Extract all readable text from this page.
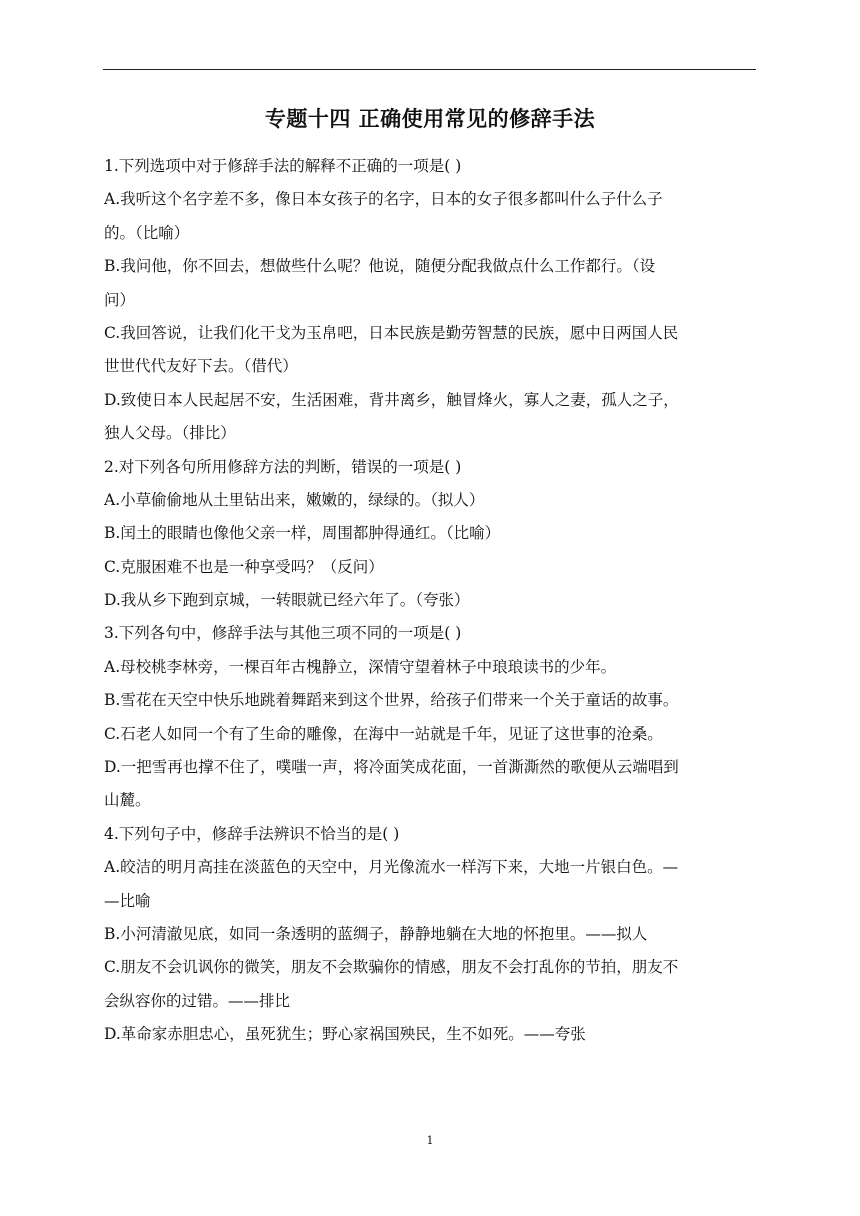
专题十四 正确使用常见的修辞手法
1.下列选项中对于修辞手法的解释不正确的一项是( )
A.我听这个名字差不多，像日本女孩子的名字，日本的女子很多都叫什么子什么子
的。（比喻）
B.我问他，你不回去，想做些什么呢？他说，随便分配我做点什么工作都行。（设
问）
C.我回答说，让我们化干戈为玉帛吧，日本民族是勤劳智慧的民族，愿中日两国人民
世世代代友好下去。（借代）
D.致使日本人民起居不安，生活困难，背井离乡，触冒烽火，寡人之妻，孤人之子，
独人父母。（排比）
2.对下列各句所用修辞方法的判断，错误的一项是( )
A.小草偷偷地从土里钻出来，嫩嫩的，绿绿的。（拟人）
B.闰土的眼睛也像他父亲一样，周围都肿得通红。（比喻）
C.克服困难不也是一种享受吗？（反问）
D.我从乡下跑到京城，一转眼就已经六年了。（夸张）
3.下列各句中，修辞手法与其他三项不同的一项是( )
A.母校桃李林旁，一棵百年古槐静立，深情守望着林子中琅琅读书的少年。
B.雪花在天空中快乐地跳着舞蹈来到这个世界，给孩子们带来一个关于童话的故事。
C.石老人如同一个有了生命的雕像，在海中一站就是千年，见证了这世事的沧桑。
D.一把雪再也撑不住了，噗嗤一声，将冷面笑成花面，一首澌澌然的歌便从云端唱到
山麓。
4.下列句子中，修辞手法辨识不恰当的是( )
A.皎洁的明月高挂在淡蓝色的天空中，月光像流水一样泻下来，大地一片银白色。—
—比喻
B.小河清澈见底，如同一条透明的蓝绸子，静静地躺在大地的怀抱里。——拟人
C.朋友不会讥讽你的微笑，朋友不会欺骗你的情感，朋友不会打乱你的节拍，朋友不
会纵容你的过错。——排比
D.革命家赤胆忠心，虽死犹生；野心家祸国殃民，生不如死。——夸张
1
